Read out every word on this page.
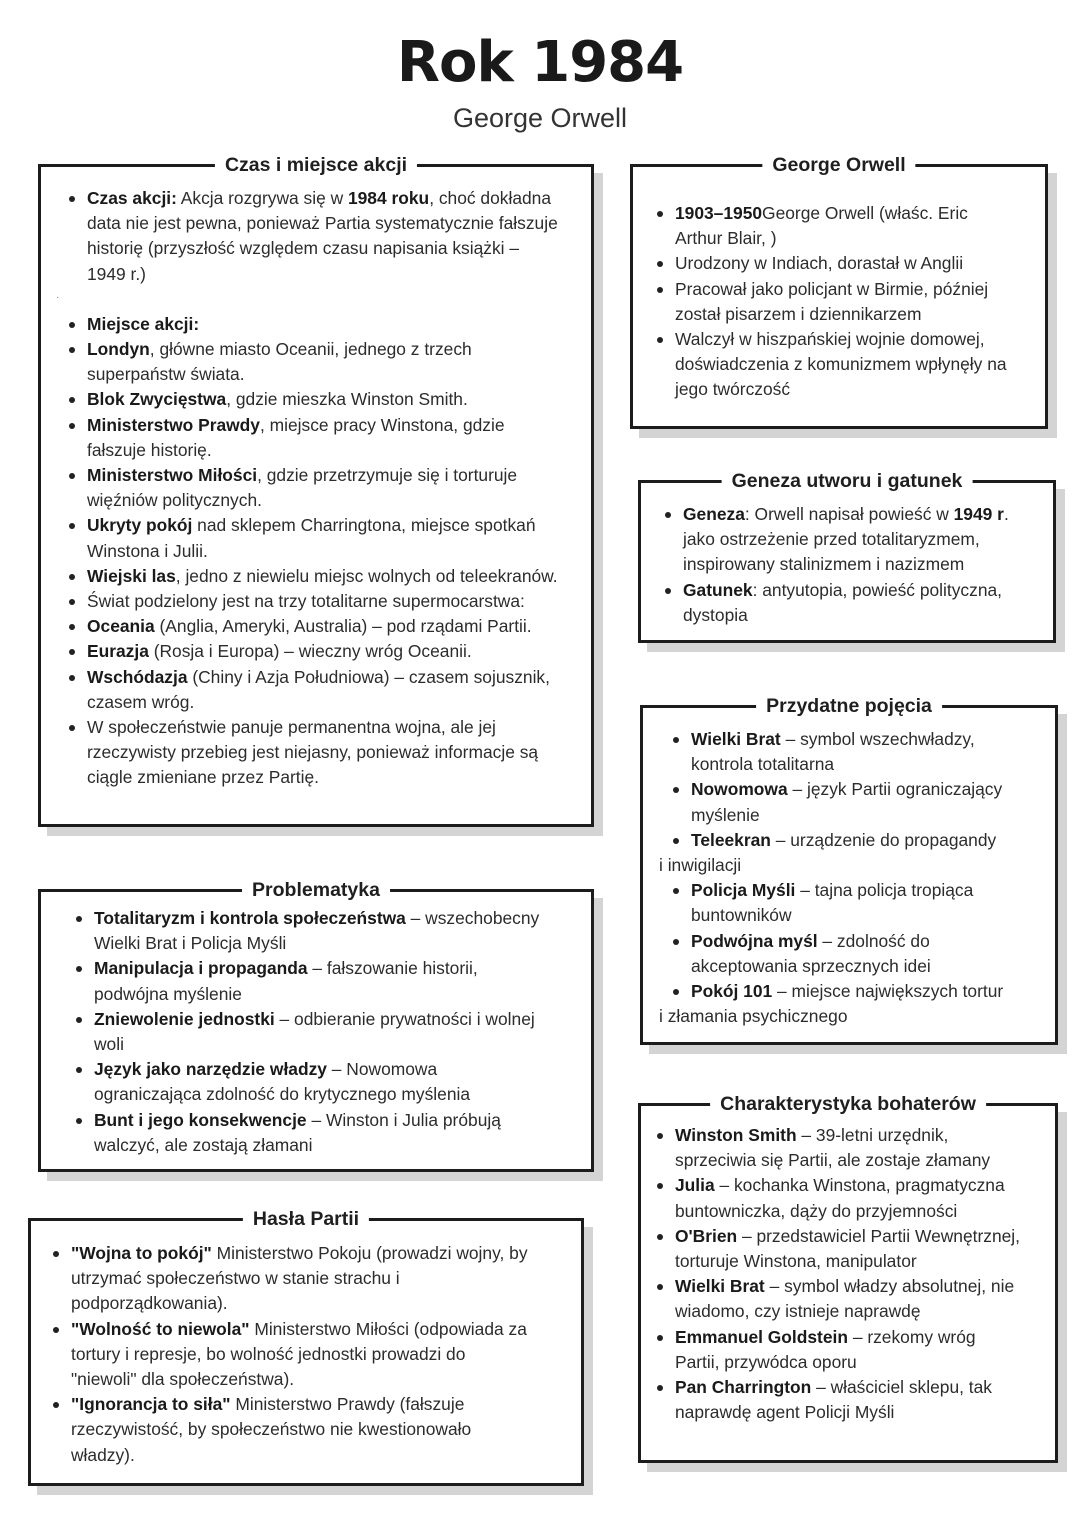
Rok 1984
George Orwell
Czas i miejsce akcji
Czas akcji: Akcja rozgrywa się w 1984 roku, choć dokładna data nie jest pewna, ponieważ Partia systematycznie fałszuje historię (przyszłość względem czasu napisania książki – 1949 r.)
Miejsce akcji:
Londyn, główne miasto Oceanii, jednego z trzech superpaństw świata.
Blok Zwycięstwa, gdzie mieszka Winston Smith.
Ministerstwo Prawdy, miejsce pracy Winstona, gdzie fałszuje historię.
Ministerstwo Miłości, gdzie przetrzymuje się i torturuje więźniów politycznych.
Ukryty pokój nad sklepem Charringtona, miejsce spotkań Winstona i Julii.
Wiejski las, jedno z niewielu miejsc wolnych od teleekranów.
Świat podzielony jest na trzy totalitarne supermocarstwa:
Oceania (Anglia, Ameryki, Australia) – pod rządami Partii.
Eurazja (Rosja i Europa) – wieczny wróg Oceanii.
Wschódazja (Chiny i Azja Południowa) – czasem sojusznik, czasem wróg.
W społeczeństwie panuje permanentna wojna, ale jej rzeczywisty przebieg jest niejasny, ponieważ informacje są ciągle zmieniane przez Partię.
·
George Orwell
1903–1950George Orwell (właśc. Eric Arthur Blair, )
Urodzony w Indiach, dorastał w Anglii
Pracował jako policjant w Birmie, później został pisarzem i dziennikarzem
Walczył w hiszpańskiej wojnie domowej, doświadczenia z komunizmem wpłynęły na jego twórczość
Geneza utworu i gatunek
Geneza: Orwell napisał powieść w 1949 r. jako ostrzeżenie przed totalitaryzmem, inspirowany stalinizmem i nazizmem
Gatunek: antyutopia, powieść polityczna, dystopia
Przydatne pojęcia
Wielki Brat – symbol wszechwładzy, kontrola totalitarna
Nowomowa – język Partii ograniczający myślenie
Teleekran – urządzenie do propagandy
i inwigilacji
Policja Myśli – tajna policja tropiąca buntowników
Podwójna myśl – zdolność do akceptowania sprzecznych idei
Pokój 101 – miejsce największych tortur
i złamania psychicznego
Problematyka
Totalitaryzm i kontrola społeczeństwa – wszechobecny Wielki Brat i Policja Myśli
Manipulacja i propaganda – fałszowanie historii, podwójna myślenie
Zniewolenie jednostki – odbieranie prywatności i wolnej woli
Język jako narzędzie władzy – Nowomowa ograniczająca zdolność do krytycznego myślenia
Bunt i jego konsekwencje – Winston i Julia próbują walczyć, ale zostają złamani
Hasła Partii
"Wojna to pokój" Ministerstwo Pokoju (prowadzi wojny, by utrzymać społeczeństwo w stanie strachu i podporządkowania).
"Wolność to niewola" Ministerstwo Miłości (odpowiada za tortury i represje, bo wolność jednostki prowadzi do "niewoli" dla społeczeństwa).
"Ignorancja to siła" Ministerstwo Prawdy (fałszuje rzeczywistość, by społeczeństwo nie kwestionowało władzy).
Charakterystyka bohaterów
Winston Smith – 39-letni urzędnik, sprzeciwia się Partii, ale zostaje złamany
Julia – kochanka Winstona, pragmatyczna buntowniczka, dąży do przyjemności
O'Brien – przedstawiciel Partii Wewnętrznej, torturuje Winstona, manipulator
Wielki Brat – symbol władzy absolutnej, nie wiadomo, czy istnieje naprawdę
Emmanuel Goldstein – rzekomy wróg Partii, przywódca oporu
Pan Charrington – właściciel sklepu, tak naprawdę agent Policji Myśli
